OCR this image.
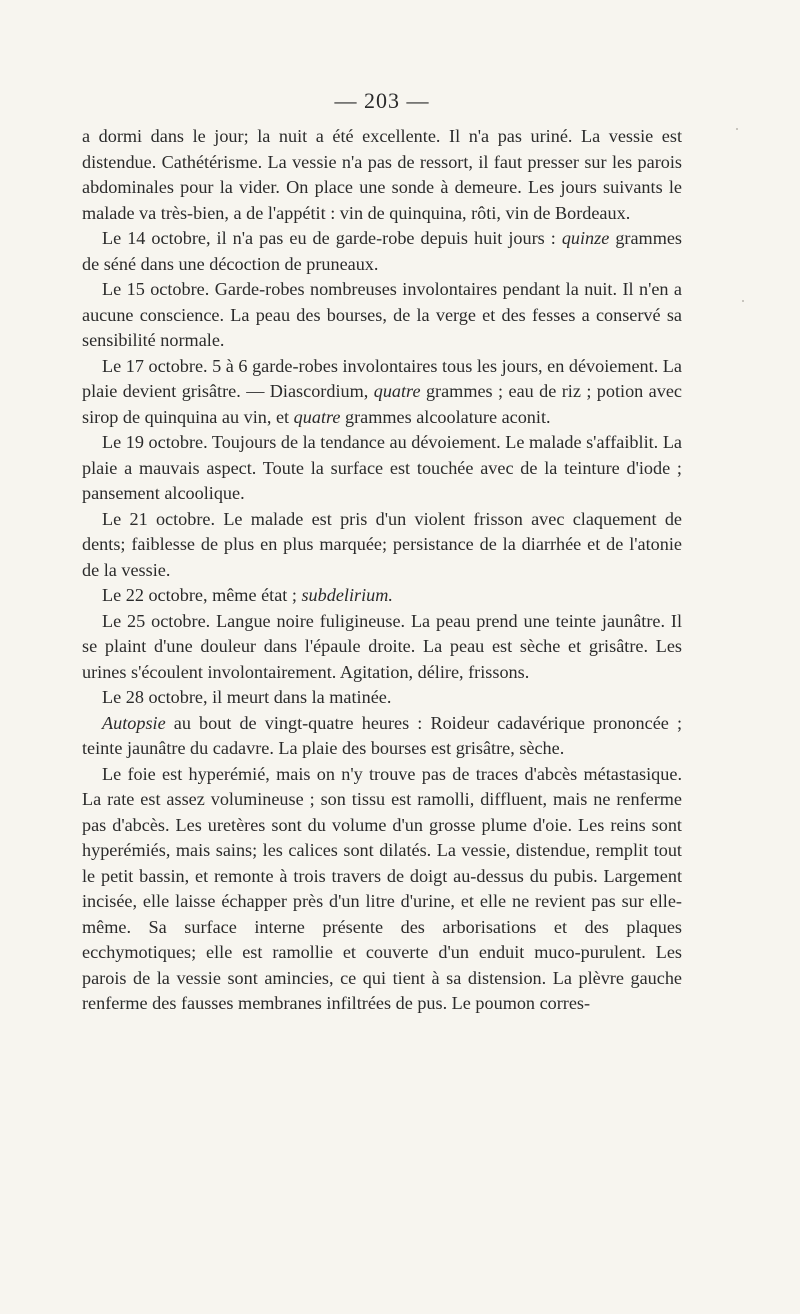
— 203 —

a dormi dans le jour; la nuit a été excellente. Il n'a pas uriné. La vessie est distendue. Cathétérisme. La vessie n'a pas de ressort, il faut presser sur les parois abdominales pour la vider. On place une sonde à demeure. Les jours suivants le malade va très-bien, a de l'appétit : vin de quinquina, rôti, vin de Bordeaux.

Le 14 octobre, il n'a pas eu de garde-robe depuis huit jours : quinze grammes de séné dans une décoction de pruneaux.

Le 15 octobre. Garde-robes nombreuses involontaires pendant la nuit. Il n'en a aucune conscience. La peau des bourses, de la verge et des fesses a conservé sa sensibilité normale.

Le 17 octobre. 5 à 6 garde-robes involontaires tous les jours, en dévoiement. La plaie devient grisâtre. — Diascordium, quatre grammes ; eau de riz ; potion avec sirop de quinquina au vin, et quatre grammes alcoolature aconit.

Le 19 octobre. Toujours de la tendance au dévoiement. Le malade s'affaiblit. La plaie a mauvais aspect. Toute la surface est touchée avec de la teinture d'iode ; pansement alcoolique.

Le 21 octobre. Le malade est pris d'un violent frisson avec claquement de dents; faiblesse de plus en plus marquée; persistance de la diarrhée et de l'atonie de la vessie.

Le 22 octobre, même état ; subdelirium.

Le 25 octobre. Langue noire fuligineuse. La peau prend une teinte jaunâtre. Il se plaint d'une douleur dans l'épaule droite. La peau est sèche et grisâtre. Les urines s'écoulent involontairement. Agitation, délire, frissons.

Le 28 octobre, il meurt dans la matinée.

Autopsie au bout de vingt-quatre heures : Roideur cadavérique prononcée ; teinte jaunâtre du cadavre. La plaie des bourses est grisâtre, sèche.

Le foie est hyperémié, mais on n'y trouve pas de traces d'abcès métastasique. La rate est assez volumineuse ; son tissu est ramolli, diffluent, mais ne renferme pas d'abcès. Les uretères sont du volume d'un grosse plume d'oie. Les reins sont hyperémiés, mais sains; les calices sont dilatés. La vessie, distendue, remplit tout le petit bassin, et remonte à trois travers de doigt au-dessus du pubis. Largement incisée, elle laisse échapper près d'un litre d'urine, et elle ne revient pas sur elle-même. Sa surface interne présente des arborisations et des plaques ecchymotiques; elle est ramollie et couverte d'un enduit muco-purulent. Les parois de la vessie sont amincies, ce qui tient à sa distension. La plèvre gauche renferme des fausses membranes infiltrées de pus. Le poumon corres-
